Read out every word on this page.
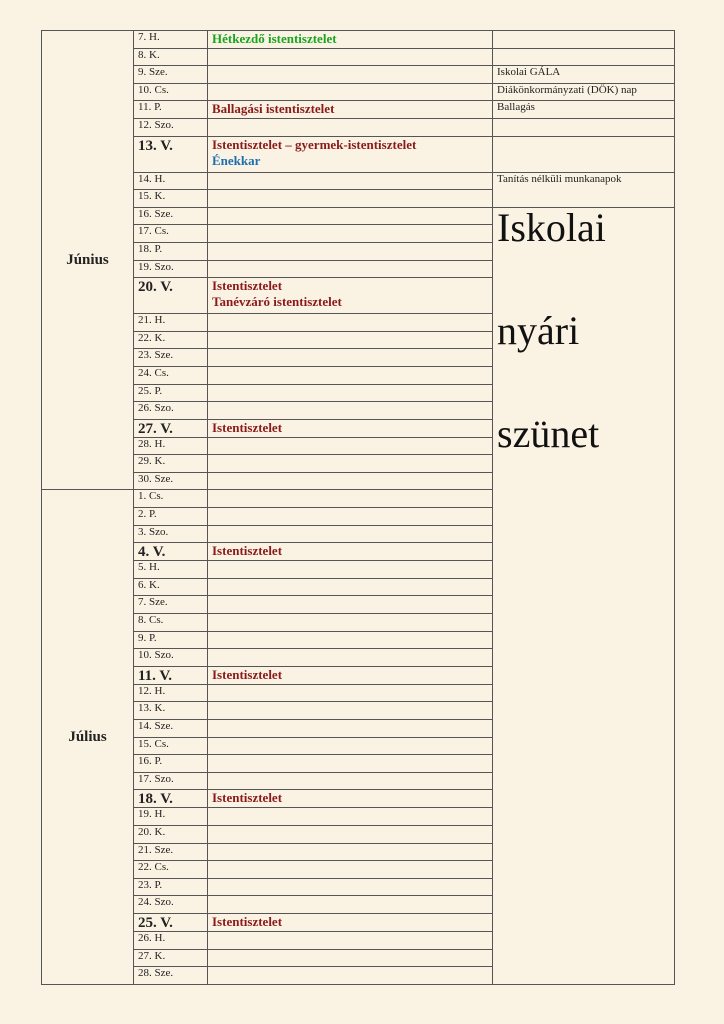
Június	7. H.	Hétkezdő istentisztelet	
	8. K.		
	9. Sze.		Iskolai GÁLA
	10. Cs.		Diákönkormányzati (DÖK) nap
	11. P.	Ballagási istentisztelet	Ballagás
	12. Szo.		
	13. V.	Istentisztelet – gyermek-istentisztelet
Énekkar	

	14. H.		Tanítás nélküli munkanapok
	15. K.		
	16. Sze.		Iskolai
nyári
szünet

	17. Cs.		
	18. P.		
	19. Szo.		
	20. V.	Istentisztelet
Tanévzáró istentisztelet	

	21. H.		
	22. K.		
	23. Sze.		
	24. Cs.		
	25. P.		
	26. Szo.		
	27. V.	Istentisztelet	
	28. H.		
	29. K.		
	30. Sze.		
Július	1. Cs.		
	2. P.		
	3. Szo.		
	4. V.	Istentisztelet	
	5. H.		
	6. K.		
	7. Sze.		
	8. Cs.		
	9. P.		
	10. Szo.		
	11. V.	Istentisztelet	
	12. H.		
	13. K.		
	14. Sze.		
	15. Cs.		
	16. P.		
	17. Szo.		
	18. V.	Istentisztelet	
	19. H.		
	20. K.		
	21. Sze.		
	22. Cs.		
	23. P.		
	24. Szo.		
	25. V.	Istentisztelet	
	26. H.		
	27. K.		
	28. Sze.		
